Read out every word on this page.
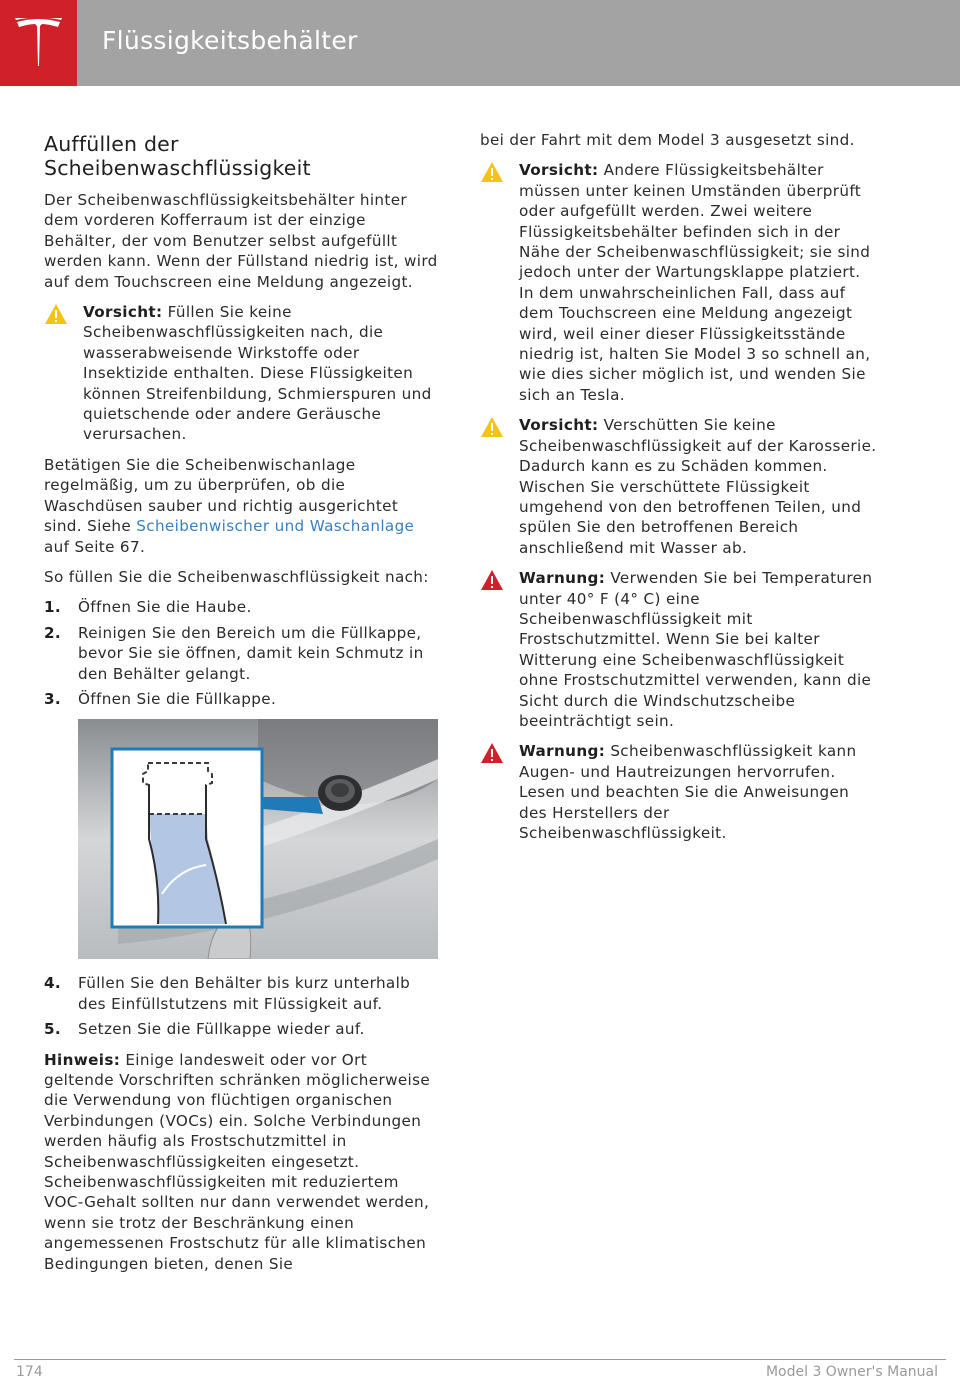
Flüssigkeitsbehälter
Auffüllen der
Scheibenwaschflüssigkeit

Der Scheibenwaschflüssigkeitsbehälter hinter dem vorderen Kofferraum ist der einzige Behälter, der vom Benutzer selbst aufgefüllt werden kann. Wenn der Füllstand niedrig ist, wird auf dem Touchscreen eine Meldung angezeigt.

Vorsicht: Füllen Sie keine Scheibenwaschflüssigkeiten nach, die wasserabweisende Wirkstoffe oder Insektizide enthalten. Diese Flüssigkeiten können Streifenbildung, Schmierspuren und quietschende oder andere Geräusche verursachen.

Betätigen Sie die Scheibenwischanlage regelmäßig, um zu überprüfen, ob die Waschdüsen sauber und richtig ausgerichtet sind. Siehe Scheibenwischer und Waschanlage auf Seite 67.

So füllen Sie die Scheibenwaschflüssigkeit nach:

1. Öffnen Sie die Haube.
2. Reinigen Sie den Bereich um die Füllkappe, bevor Sie sie öffnen, damit kein Schmutz in den Behälter gelangt.
3. Öffnen Sie die Füllkappe.
4. Füllen Sie den Behälter bis kurz unterhalb des Einfüllstutzens mit Flüssigkeit auf.
5. Setzen Sie die Füllkappe wieder auf.

Hinweis: Einige landesweit oder vor Ort geltende Vorschriften schränken möglicherweise die Verwendung von flüchtigen organischen Verbindungen (VOCs) ein. Solche Verbindungen werden häufig als Frostschutzmittel in Scheibenwaschflüssigkeiten eingesetzt. Scheibenwaschflüssigkeiten mit reduziertem VOC-Gehalt sollten nur dann verwendet werden, wenn sie trotz der Beschränkung einen angemessenen Frostschutz für alle klimatischen Bedingungen bieten, denen Sie

bei der Fahrt mit dem Model 3 ausgesetzt sind.

Vorsicht: Andere Flüssigkeitsbehälter müssen unter keinen Umständen überprüft oder aufgefüllt werden. Zwei weitere Flüssigkeitsbehälter befinden sich in der Nähe der Scheibenwaschflüssigkeit; sie sind jedoch unter der Wartungsklappe platziert. In dem unwahrscheinlichen Fall, dass auf dem Touchscreen eine Meldung angezeigt wird, weil einer dieser Flüssigkeitsstände niedrig ist, halten Sie Model 3 so schnell an, wie dies sicher möglich ist, und wenden Sie sich an Tesla.
Vorsicht: Verschütten Sie keine Scheibenwaschflüssigkeit auf der Karosserie. Dadurch kann es zu Schäden kommen. Wischen Sie verschüttete Flüssigkeit umgehend von den betroffenen Teilen, und spülen Sie den betroffenen Bereich anschließend mit Wasser ab.
Warnung: Verwenden Sie bei Temperaturen unter 40° F (4° C) eine Scheibenwaschflüssigkeit mit Frostschutzmittel. Wenn Sie bei kalter Witterung eine Scheibenwaschflüssigkeit ohne Frostschutzmittel verwenden, kann die Sicht durch die Windschutzscheibe beeinträchtigt sein.
Warnung: Scheibenwaschflüssigkeit kann Augen- und Hautreizungen hervorrufen. Lesen und beachten Sie die Anweisungen des Herstellers der Scheibenwaschflüssigkeit.
174	Model 3 Owner's Manual
